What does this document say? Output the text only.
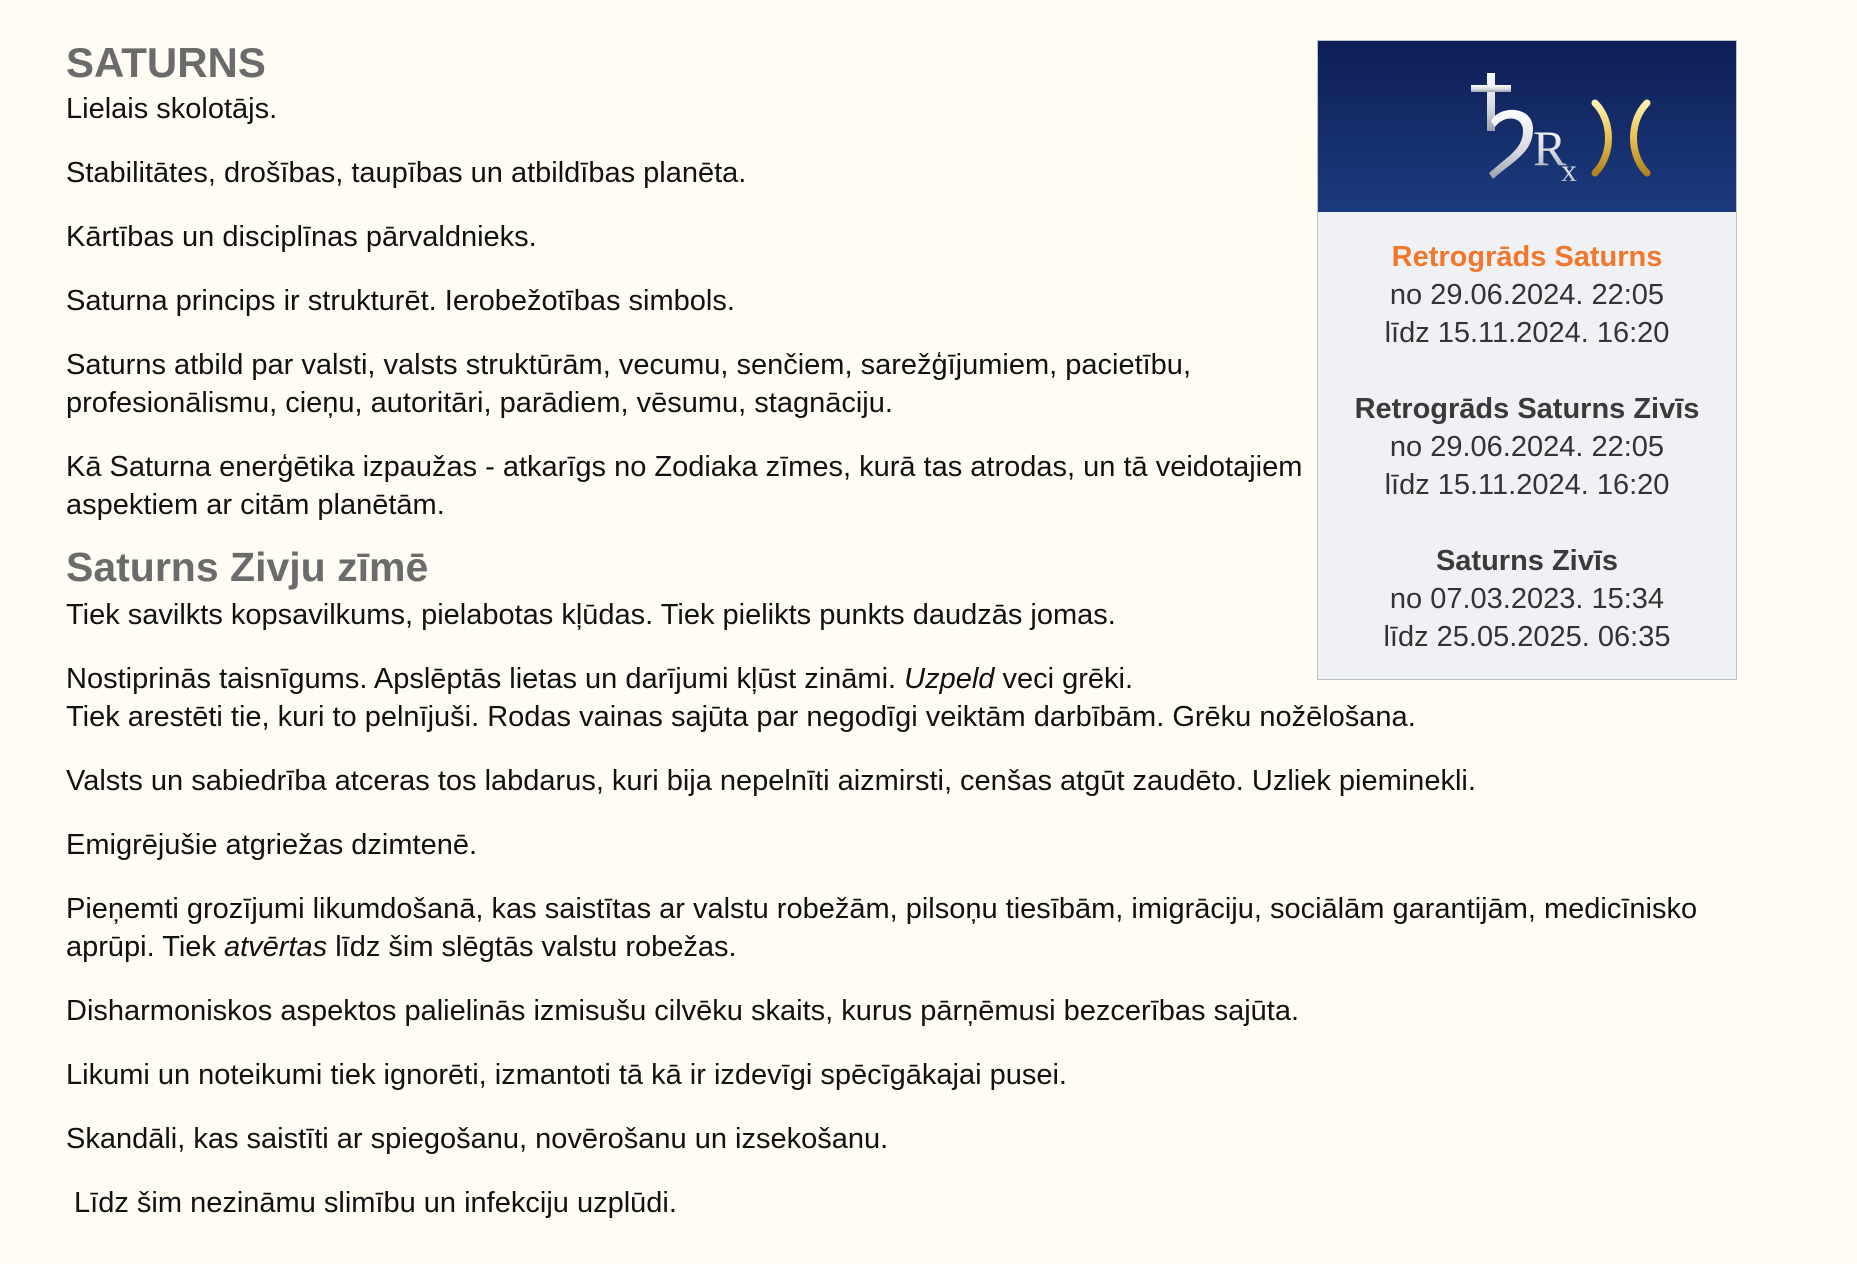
SATURNS

Lielais skolotājs.

Stabilitātes, drošības, taupības un atbildības planēta.

Kārtības un disciplīnas pārvaldnieks.

Saturna princips ir strukturēt. Ierobežotības simbols.

Saturns atbild par valsti, valsts struktūrām, vecumu, senčiem, sarežģījumiem, pacietību, profesionālismu, cieņu, autoritāri, parādiem, vēsumu, stagnāciju.

Kā Saturna enerģētika izpaužas - atkarīgs no Zodiaka zīmes, kurā tas atrodas, un tā veidotajiem aspektiem ar citām planētām.

Saturns Zivju zīmē

Tiek savilkts kopsavilkums, pielabotas kļūdas. Tiek pielikts punkts daudzās jomas.

Nostiprinās taisnīgums. Apslēptās lietas un darījumi kļūst zināmi. Uzpeld veci grēki.

Tiek arestēti tie, kuri to pelnījuši. Rodas vainas sajūta par negodīgi veiktām darbībām. Grēku nožēlošana.

Valsts un sabiedrība atceras tos labdarus, kuri bija nepelnīti aizmirsti, cenšas atgūt zaudēto. Uzliek pieminekli.

Emigrējušie atgriežas dzimtenē.

Pieņemti grozījumi likumdošanā, kas saistītas ar valstu robežām, pilsoņu tiesībām, imigrāciju, sociālām garantijām, medicīnisko aprūpi. Tiek atvērtas līdz šim slēgtās valstu robežas.

Disharmoniskos aspektos palielinās izmisušu cilvēku skaits, kurus pārņēmusi bezcerības sajūta.

Likumi un noteikumi tiek ignorēti, izmantoti tā kā ir izdevīgi spēcīgākajai pusei.

Skandāli, kas saistīti ar spiegošanu, novērošanu un izsekošanu.

Līdz šim nezināmu slimību un infekciju uzplūdi.

R
x
Retrogrāds Saturns
no 29.06.2024. 22:05
līdz 15.11.2024. 16:20
Retrogrāds Saturns Zivīs
no 29.06.2024. 22:05
līdz 15.11.2024. 16:20
Saturns Zivīs
no 07.03.2023. 15:34
līdz 25.05.2025. 06:35
